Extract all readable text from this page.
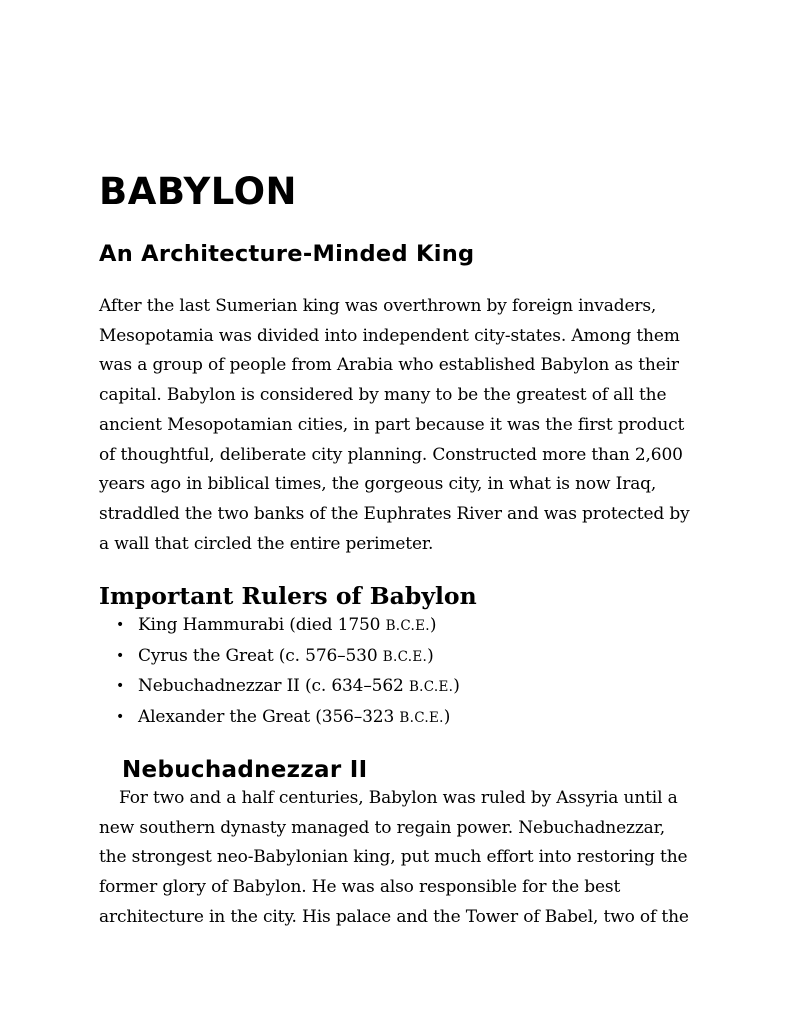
BABYLON
An Architecture-Minded King

After the last Sumerian king was overthrown by foreign invaders,
Mesopotamia was divided into independent city-states. Among them
was a group of people from Arabia who established Babylon as their
capital. Babylon is considered by many to be the greatest of all the
ancient Mesopotamian cities, in part because it was the first product
of thoughtful, deliberate city planning. Constructed more than 2,600
years ago in biblical times, the gorgeous city, in what is now Iraq,
straddled the two banks of the Euphrates River and was protected by
a wall that circled the entire perimeter.

Important Rulers of Babylon
• King Hammurabi (died 1750 B.C.E.)
• Cyrus the Great (c. 576–530 B.C.E.)
• Nebuchadnezzar II (c. 634–562 B.C.E.)
• Alexander the Great (356–323 B.C.E.)
Nebuchadnezzar II

For two and a half centuries, Babylon was ruled by Assyria until a
new southern dynasty managed to regain power. Nebuchadnezzar,
the strongest neo-Babylonian king, put much effort into restoring the
former glory of Babylon. He was also responsible for the best
architecture in the city. His palace and the Tower of Babel, two of the
